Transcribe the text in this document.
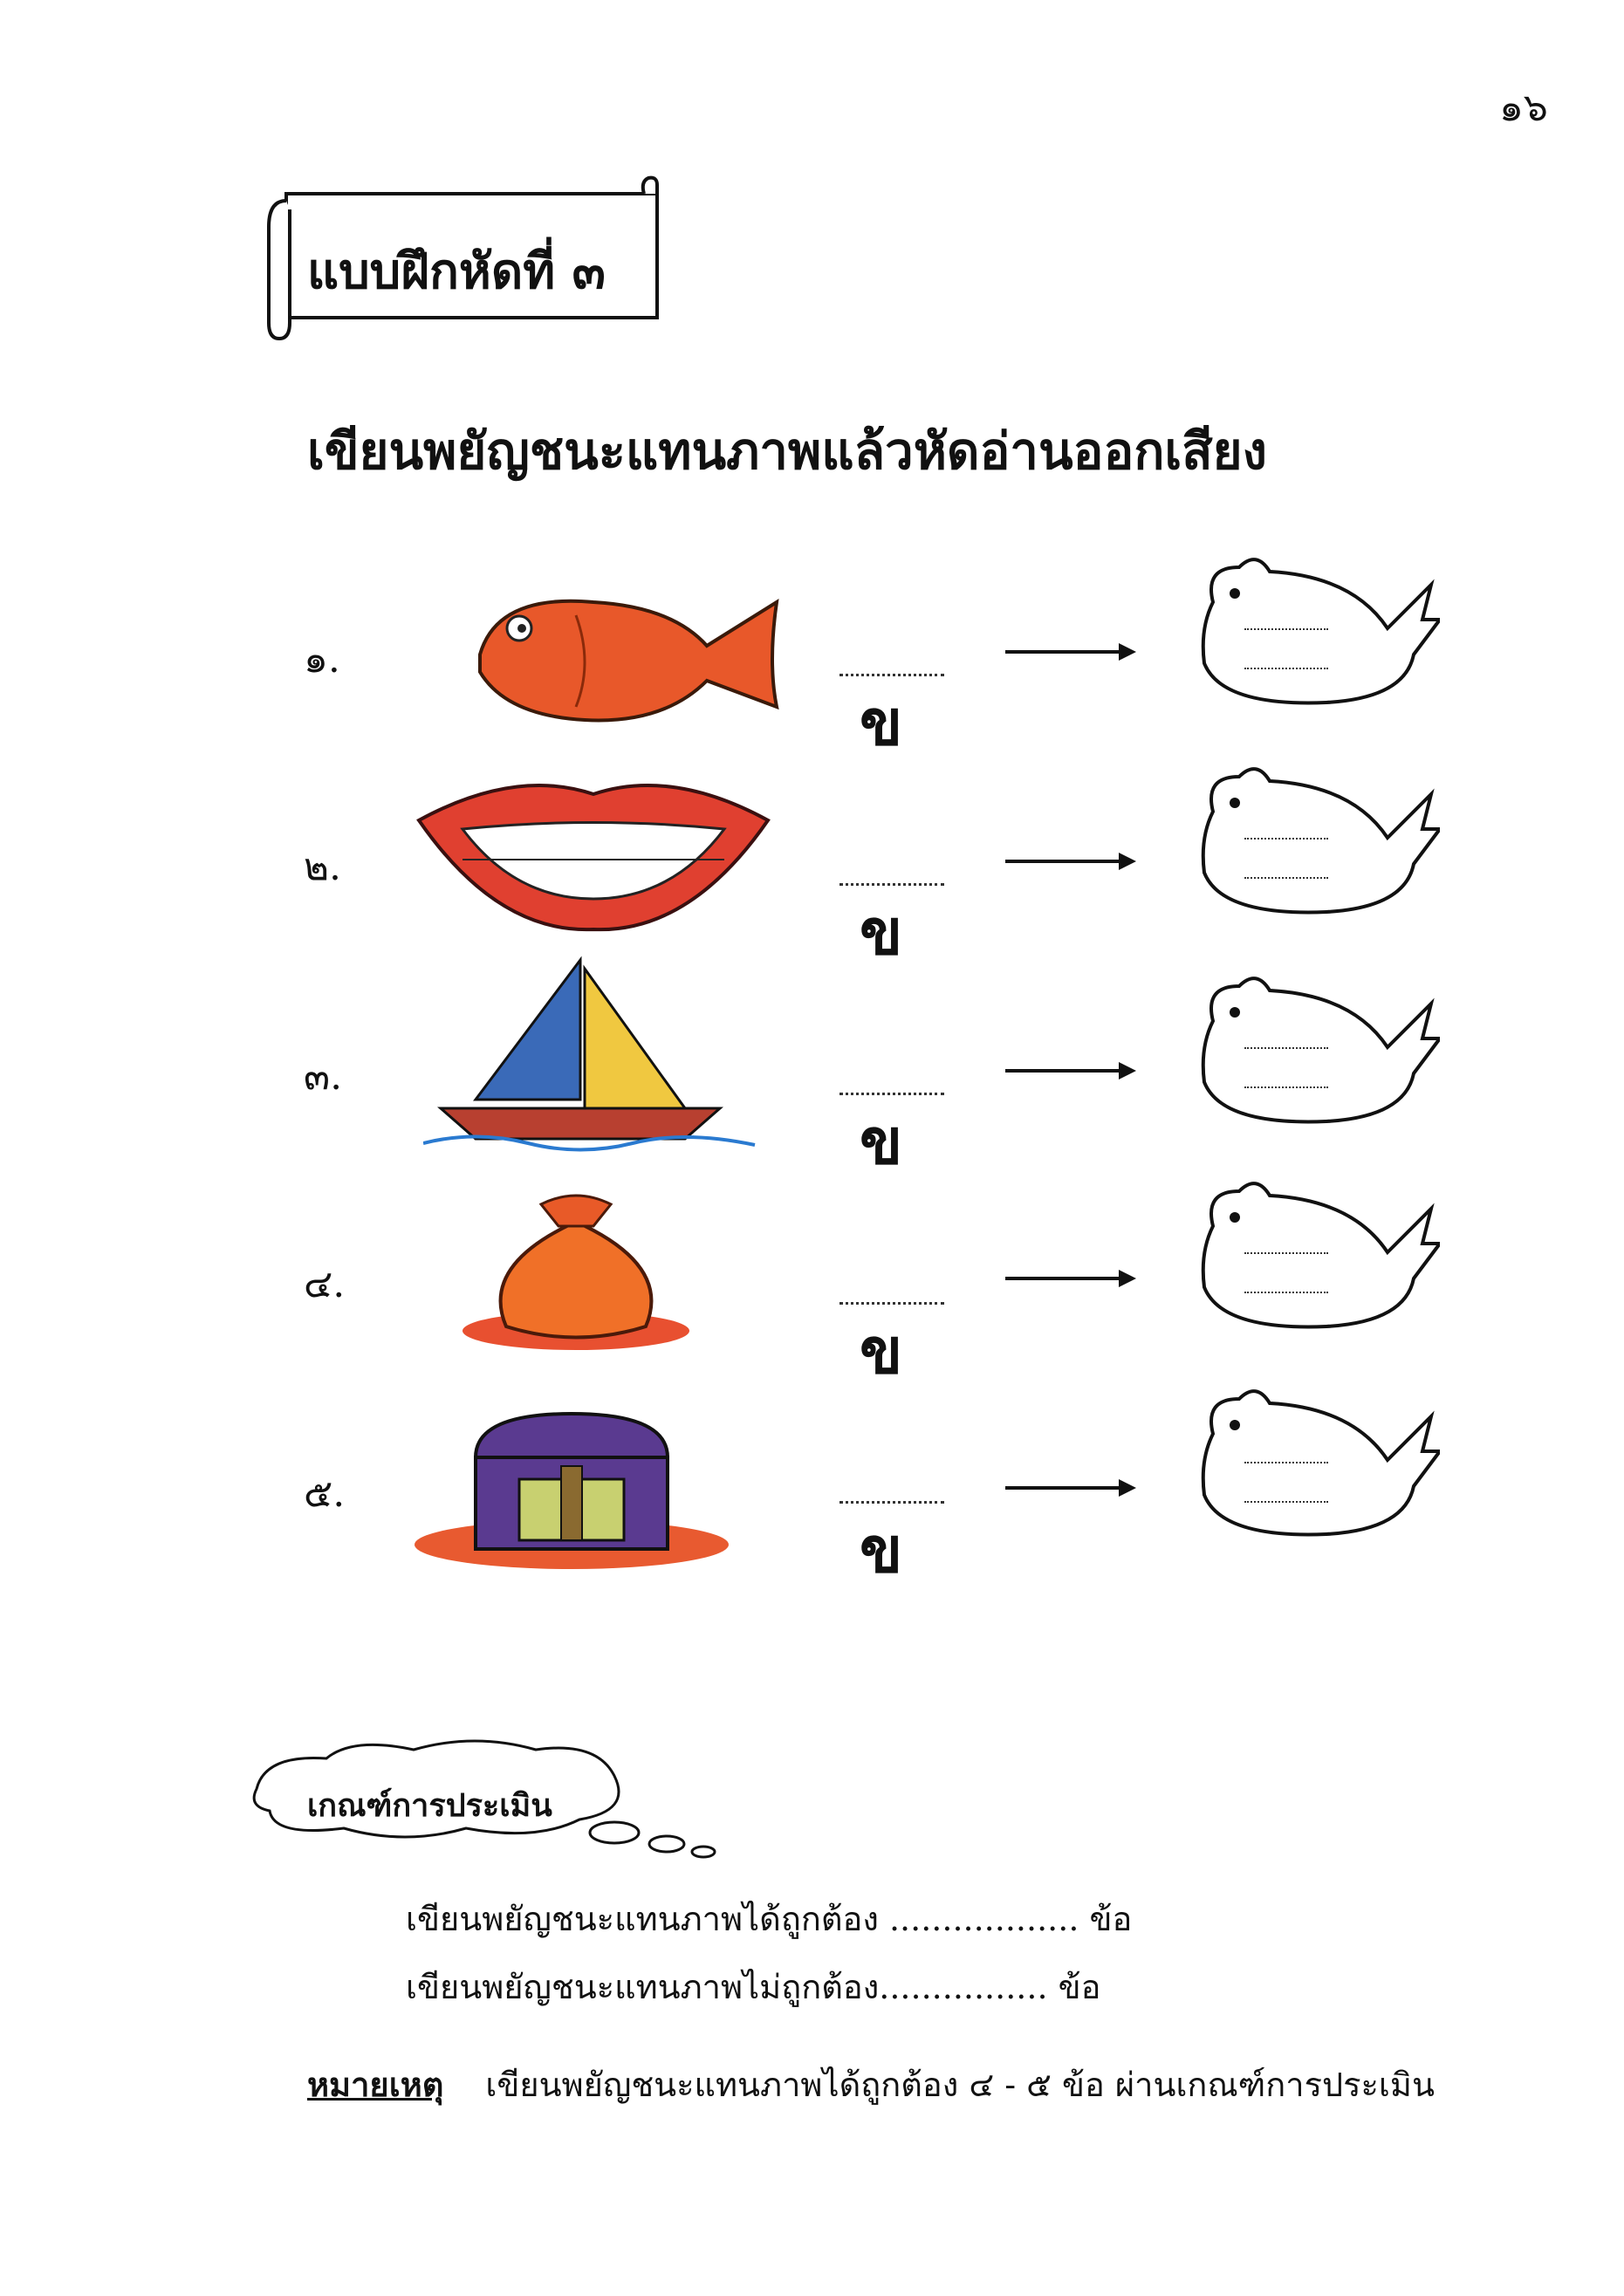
๑๖
แบบฝึกหัดที่ ๓
เขียนพยัญชนะแทนภาพแล้วหัดอ่านออกเสียง
๑.
ข
๒.
ข
๓.
ข
๔.
ข
๕.
ข
เกณฑ์การประเมิน
เขียนพยัญชนะแทนภาพได้ถูกต้อง .................. ข้อ
เขียนพยัญชนะแทนภาพไม่ถูกต้อง................ ข้อ
หมายเหตุ เขียนพยัญชนะแทนภาพได้ถูกต้อง ๔ - ๕ ข้อ ผ่านเกณฑ์การประเมิน
